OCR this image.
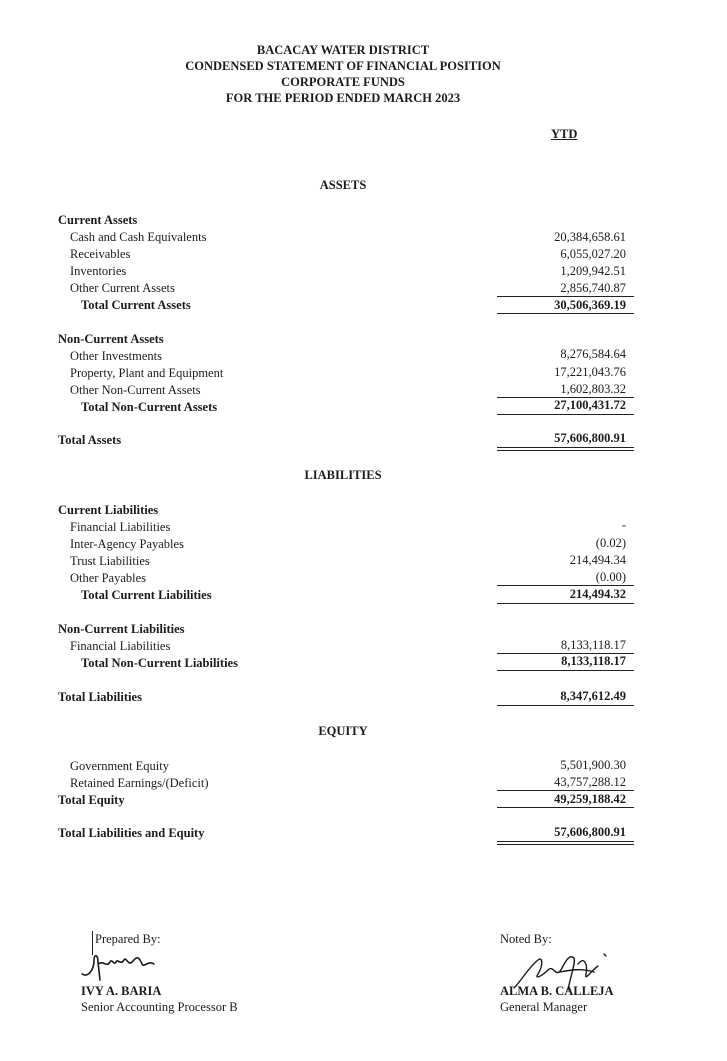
BACACAY WATER DISTRICT
CONDENSED STATEMENT OF FINANCIAL POSITION
CORPORATE FUNDS
FOR THE PERIOD ENDED MARCH 2023
YTD
ASSETS
Current Assets
Cash and Cash Equivalents	20,384,658.61
Receivables	6,055,027.20
Inventories	1,209,942.51
Other Current Assets	2,856,740.87
Total Current Assets	30,506,369.19
Non-Current Assets
Other Investments	8,276,584.64
Property, Plant and Equipment	17,221,043.76
Other Non-Current Assets	1,602,803.32
Total Non-Current Assets	27,100,431.72
Total Assets	57,606,800.91
LIABILITIES
Current Liabilities
Financial Liabilities	-
Inter-Agency Payables	(0.02)
Trust Liabilities	214,494.34
Other Payables	(0.00)
Total Current Liabilities	214,494.32
Non-Current Liabilities
Financial Liabilities	8,133,118.17
Total Non-Current Liabilities	8,133,118.17
Total Liabilities	8,347,612.49
EQUITY
Government Equity	5,501,900.30
Retained Earnings/(Deficit)	43,757,288.12
Total Equity	49,259,188.42
Total Liabilities and Equity	57,606,800.91
Prepared By:
IVY A. BARIA
Senior Accounting Processor B
Noted By:
ALMA B. CALLEJA
General Manager
